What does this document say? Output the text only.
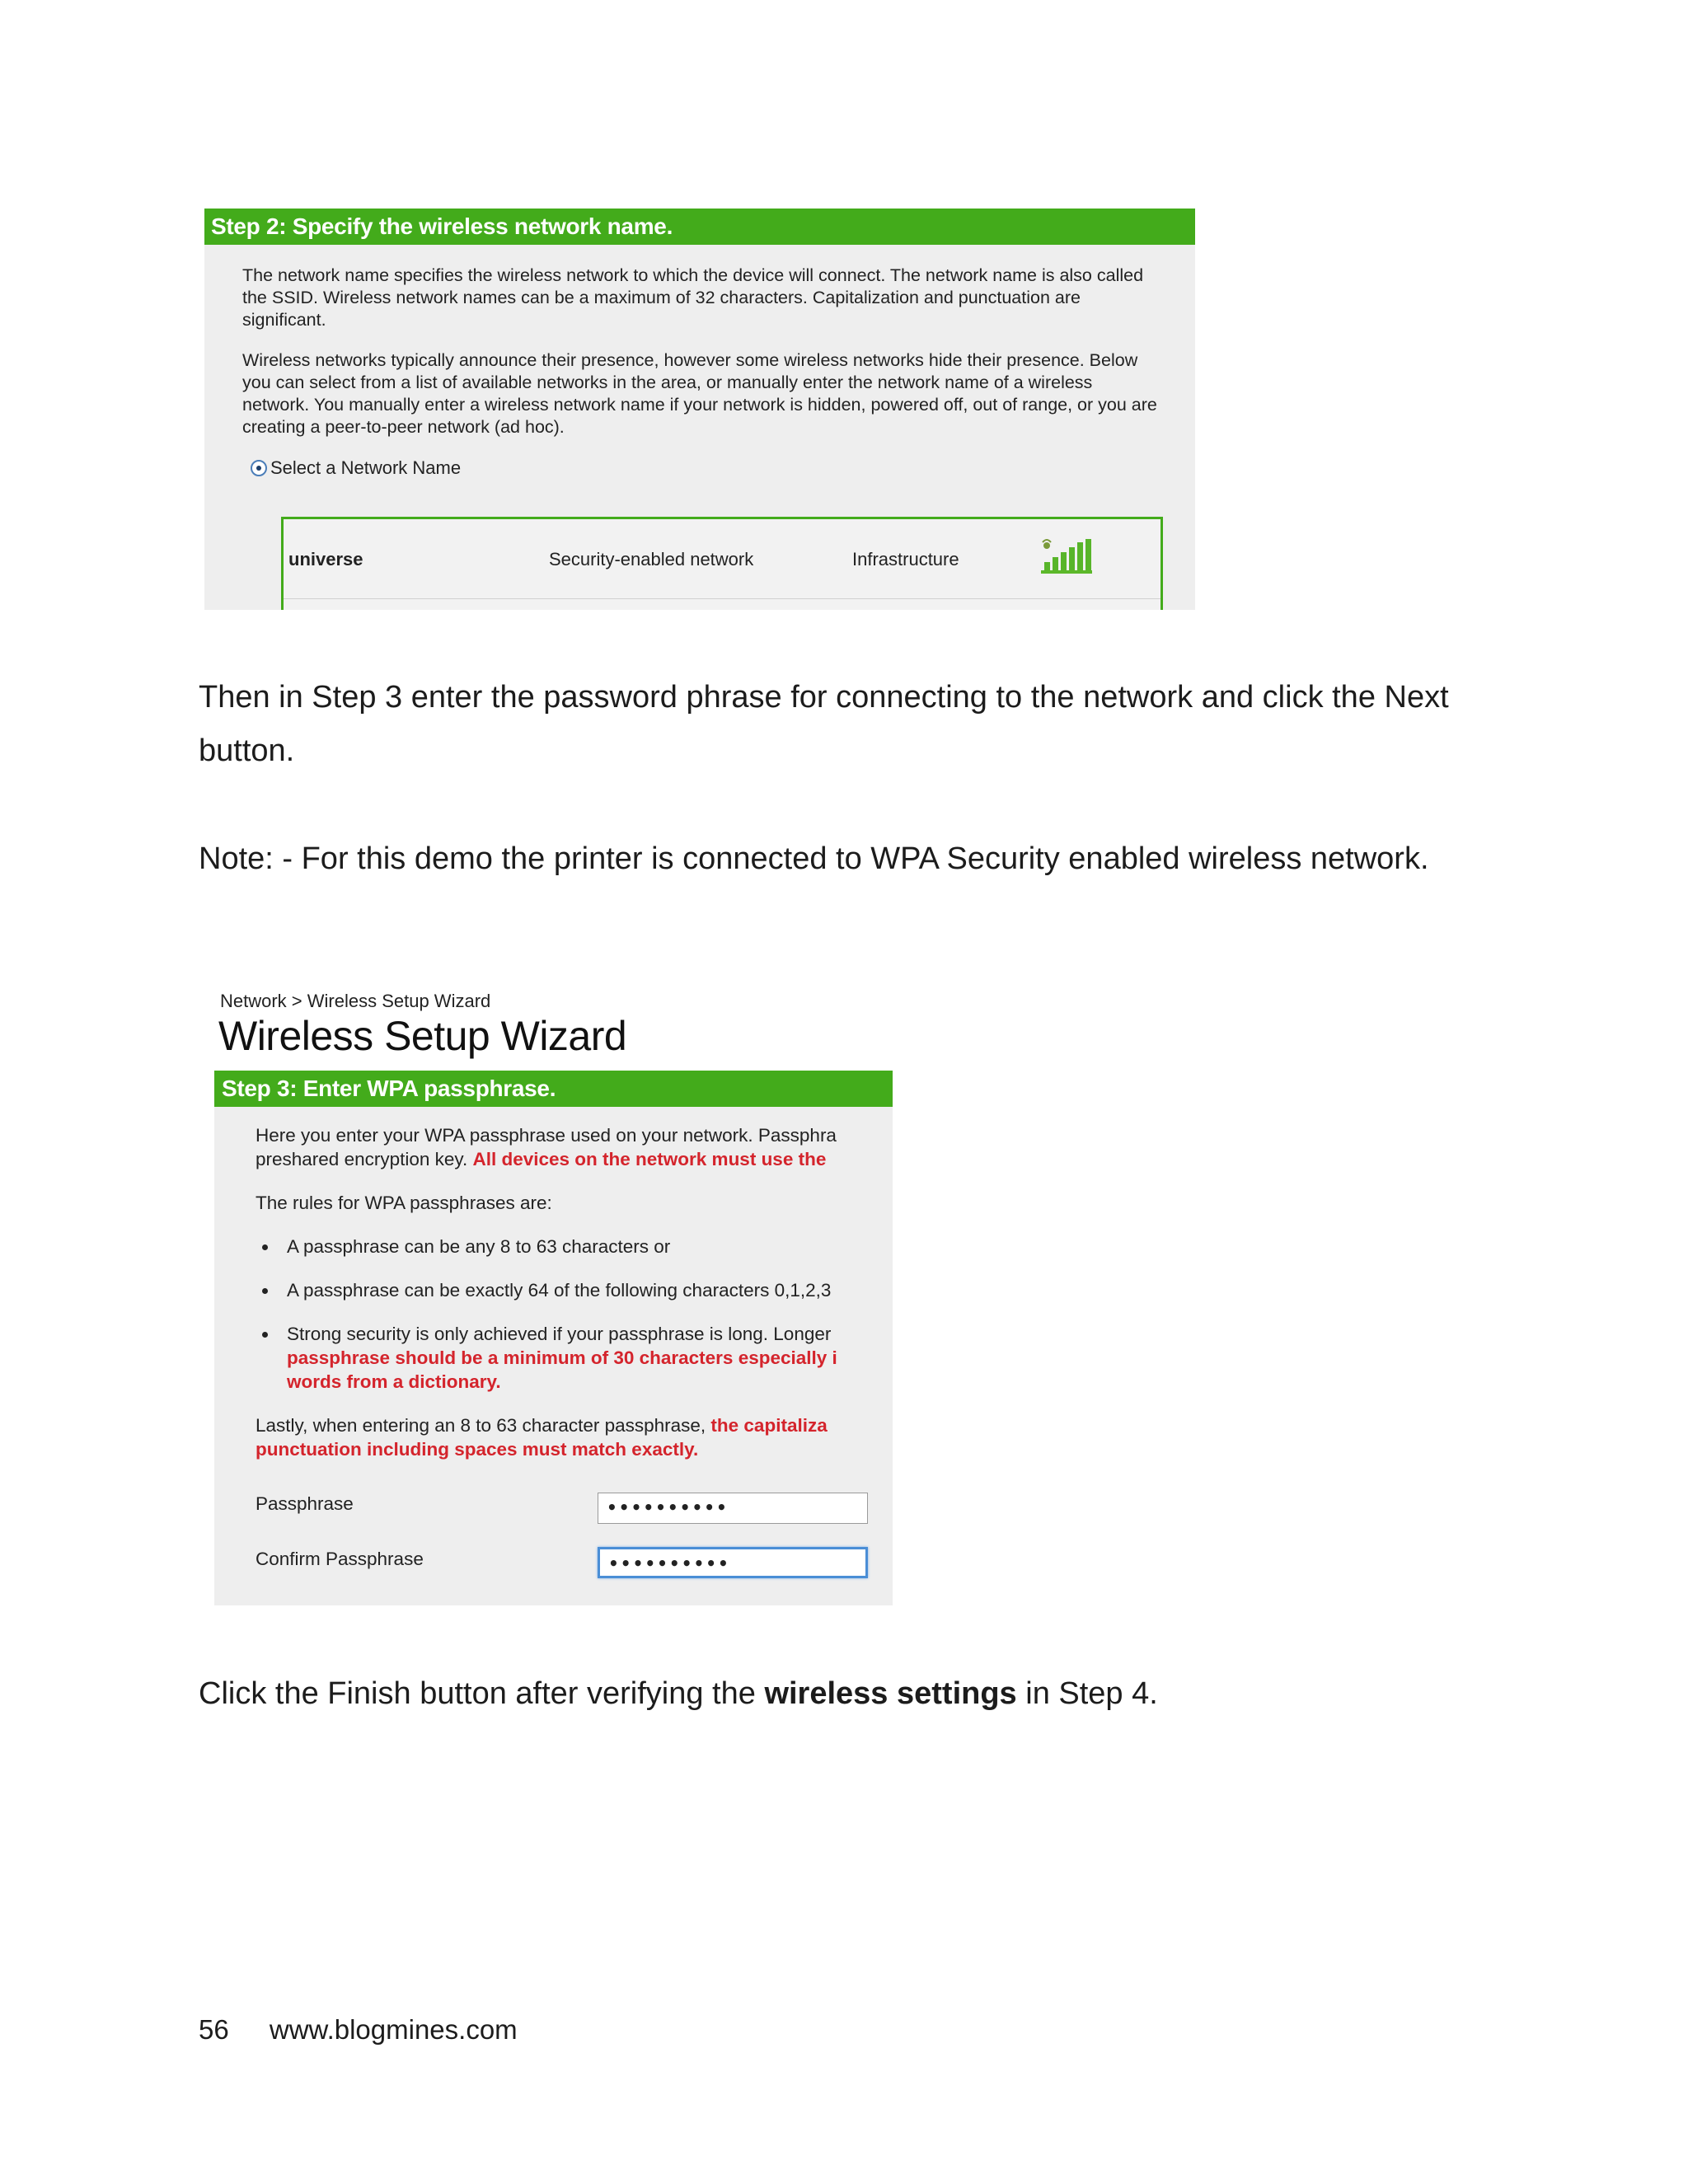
Step 2: Specify the wireless network name.

The network name specifies the wireless network to which the device will connect. The network name is also called the SSID. Wireless network names can be a maximum of 32 characters. Capitalization and punctuation are significant.

Wireless networks typically announce their presence, however some wireless networks hide their presence. Below you can select from a list of available networks in the area, or manually enter the network name of a wireless network. You manually enter a wireless network name if your network is hidden, powered off, out of range, or you are creating a peer-to-peer network (ad hoc).

Select a Network Name
universe	Security-enabled network	Infrastructure

Then in Step 3 enter the password phrase for connecting to the network and click the Next button.

Note: - For this demo the printer is connected to WPA Security enabled wireless network.

Network > Wireless Setup Wizard
Wireless Setup Wizard
Step 3: Enter WPA passphrase.
Here you enter your WPA passphrase used on your network. Passphra
preshared encryption key. All devices on the network must use the
The rules for WPA passphrases are:
A passphrase can be any 8 to 63 characters or
A passphrase can be exactly 64 of the following characters 0,1,2,3
Strong security is only achieved if your passphrase is long. Longer
passphrase should be a minimum of 30 characters especially i
words from a dictionary.
Lastly, when entering an 8 to 63 character passphrase, the capitaliza
punctuation including spaces must match exactly.
Passphrase	••••••••••
Confirm Passphrase	••••••••••

Click the Finish button after verifying the wireless settings in Step 4.

56 www.blogmines.com
